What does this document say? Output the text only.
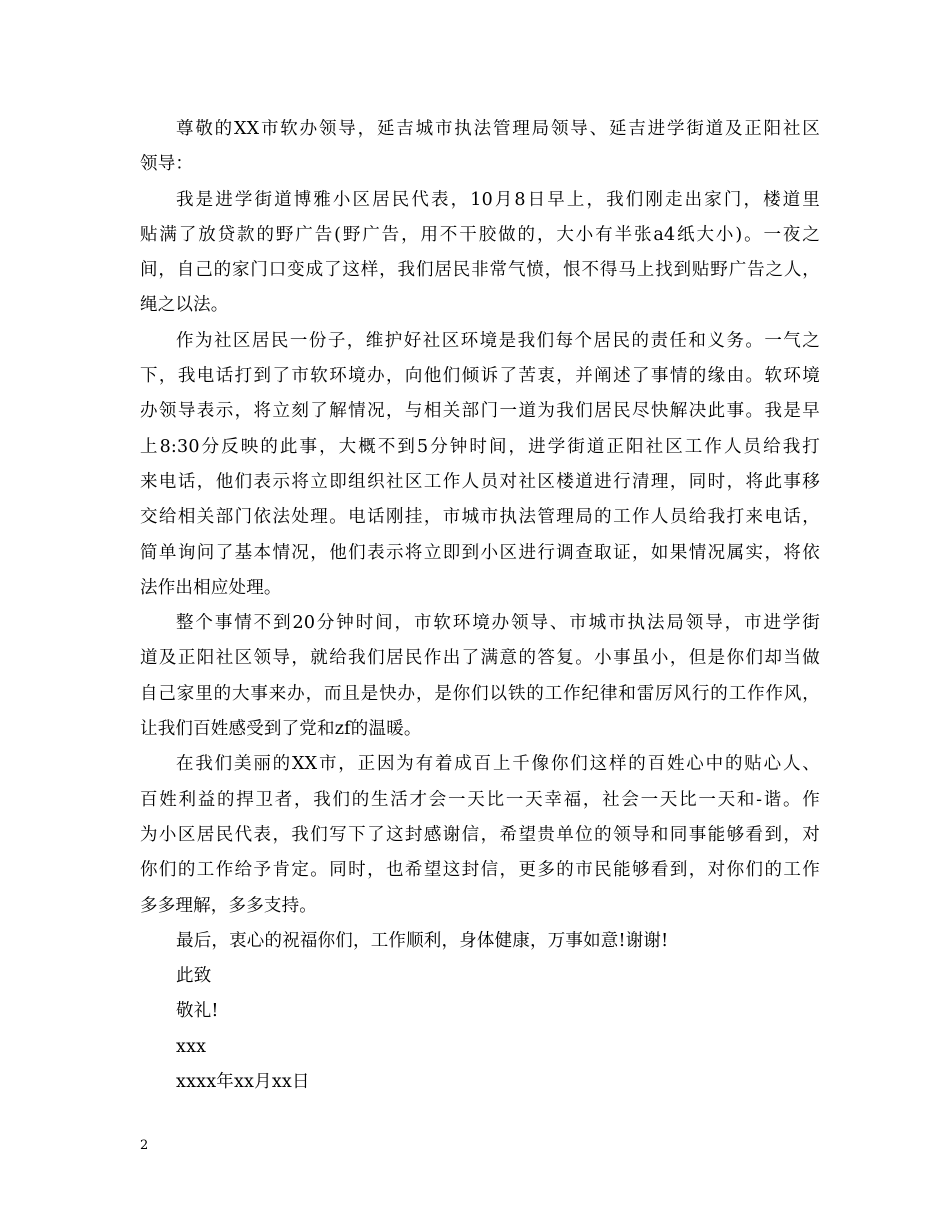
尊敬的XX市软办领导，延吉城市执法管理局领导、延吉进学街道及正阳社区
领导：
我是进学街道博雅小区居民代表，10月8日早上，我们刚走出家门，楼道里
贴满了放贷款的野广告(野广告，用不干胶做的，大小有半张a4纸大小)。一夜之
间，自己的家门口变成了这样，我们居民非常气愤，恨不得马上找到贴野广告之人，
绳之以法。
作为社区居民一份子，维护好社区环境是我们每个居民的责任和义务。一气之
下，我电话打到了市软环境办，向他们倾诉了苦衷，并阐述了事情的缘由。软环境
办领导表示，将立刻了解情况，与相关部门一道为我们居民尽快解决此事。我是早
上8:30分反映的此事，大概不到5分钟时间，进学街道正阳社区工作人员给我打
来电话，他们表示将立即组织社区工作人员对社区楼道进行清理，同时，将此事移
交给相关部门依法处理。电话刚挂，市城市执法管理局的工作人员给我打来电话，
简单询问了基本情况，他们表示将立即到小区进行调查取证，如果情况属实，将依
法作出相应处理。
整个事情不到20分钟时间，市软环境办领导、市城市执法局领导，市进学街
道及正阳社区领导，就给我们居民作出了满意的答复。小事虽小，但是你们却当做
自己家里的大事来办，而且是快办，是你们以铁的工作纪律和雷厉风行的工作作风，
让我们百姓感受到了党和zf的温暖。
在我们美丽的XX市，正因为有着成百上千像你们这样的百姓心中的贴心人、
百姓利益的捍卫者，我们的生活才会一天比一天幸福，社会一天比一天和-谐。作
为小区居民代表，我们写下了这封感谢信，希望贵单位的领导和同事能够看到，对
你们的工作给予肯定。同时，也希望这封信，更多的市民能够看到，对你们的工作
多多理解，多多支持。
最后，衷心的祝福你们，工作顺利，身体健康，万事如意!谢谢!
此致
敬礼!
xxx
xxxx年xx月xx日
2
